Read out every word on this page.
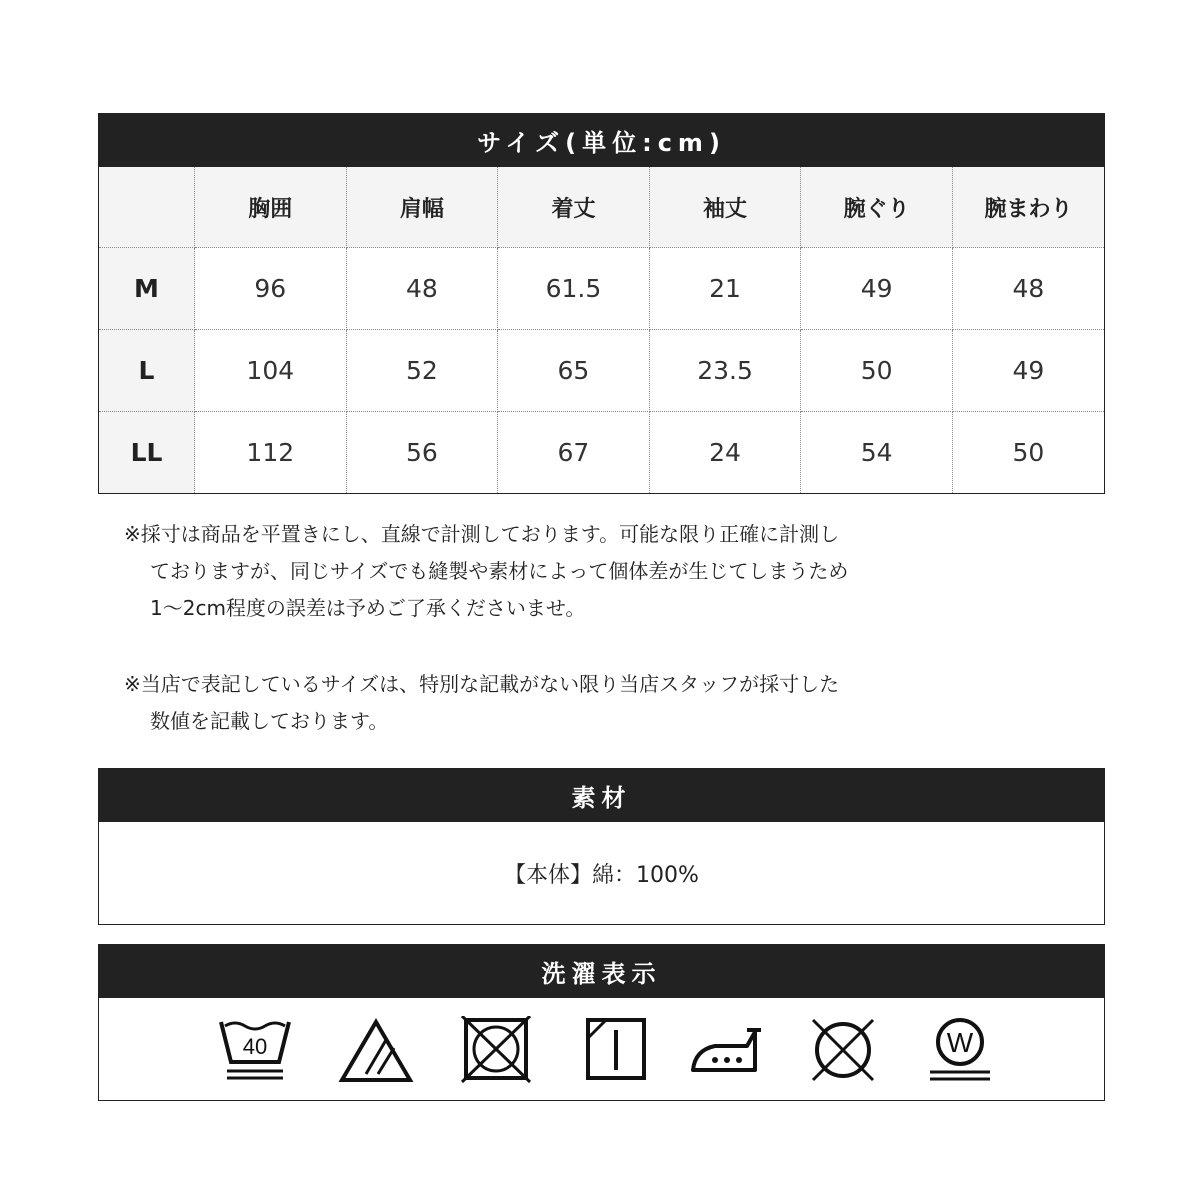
サイズ(単位:cm)
	胸囲	肩幅	着丈	袖丈	腕ぐり	腕まわり
M	96	48	61.5	21	49	48
L	104	52	65	23.5	50	49
LL	112	56	67	24	54	50
※採寸は商品を平置きにし、直線で計測しております。可能な限り正確に計測し
ておりますが、同じサイズでも縫製や素材によって個体差が生じてしまうため
1〜2cm程度の誤差は予めご了承くださいませ。
※当店で表記しているサイズは、特別な記載がない限り当店スタッフが採寸した
数値を記載しております。
素材
【本体】綿：100%
洗濯表示
40	W
